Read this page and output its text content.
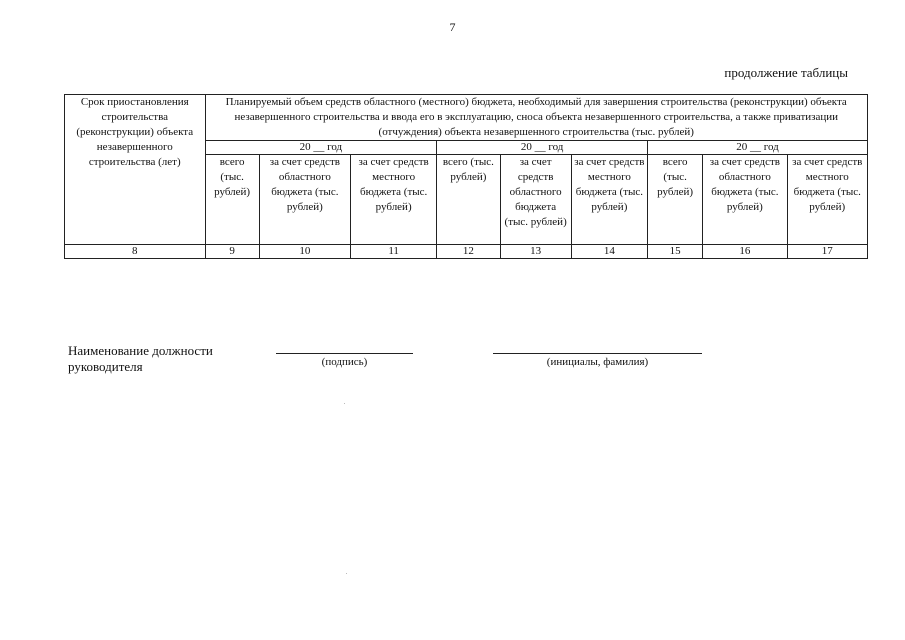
7
продолжение таблицы
Срок приостановления строительства (реконструкции) объекта незавершенного строительства (лет)	Планируемый объем средств областного (местного) бюджета, необходимый для завершения строительства (реконструкции) объекта незавершенного строительства и ввода его в эксплуатацию, сноса объекта незавершенного строительства, а также приватизации (отчуждения) объекта незавершенного строительства (тыс. рублей)								
	20 __ год			20 __ год			20 __ год		
	всего (тыс. рублей)	за счет средств областного бюджета (тыс. рублей)	за счет средств местного бюджета (тыс. рублей)	всего (тыс. рублей)	за счет средств областного бюджета (тыс. рублей)	за счет средств местного бюджета (тыс. рублей)	всего (тыс. рублей)	за счет средств областного бюджета (тыс. рублей)	за счет средств местного бюджета (тыс. рублей)
8	9	10	11	12	13	14	15	16	17
Наименование должности руководителя	(подпись)	(инициалы, фамилия)
